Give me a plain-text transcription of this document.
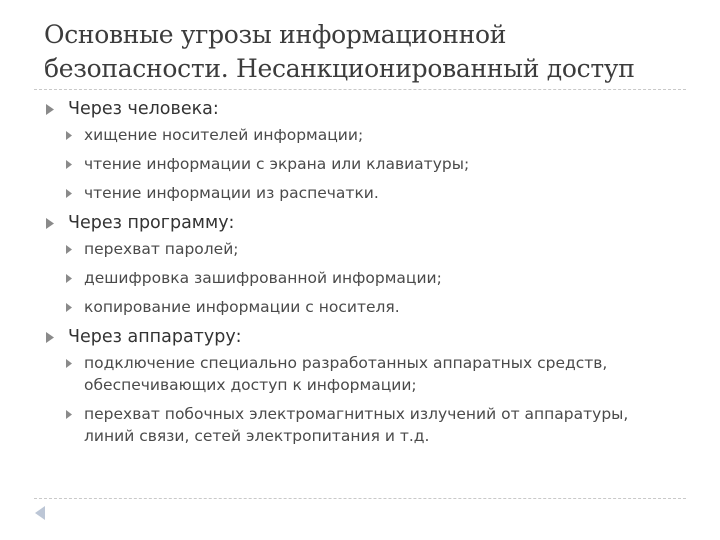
Основные угрозы информационной
безопасности. Несанкционированный доступ
Через человека:
хищение носителей информации;
чтение информации с экрана или клавиатуры;
чтение информации из распечатки.
Через программу:
перехват паролей;
дешифровка зашифрованной информации;
копирование информации с носителя.
Через аппаратуру:
подключение специально разработанных аппаратных средств,
обеспечивающих доступ к информации;
перехват побочных электромагнитных излучений от аппаратуры,
линий связи, сетей электропитания и т.д.
